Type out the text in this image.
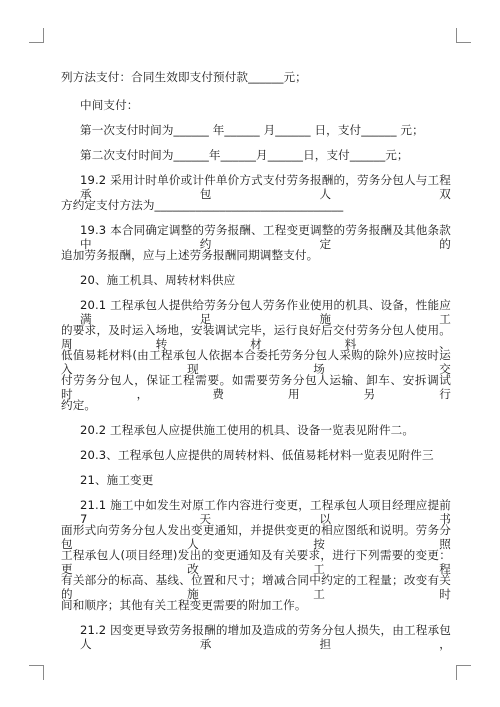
列方法支付：合同生效即支付预付款______元；
中间支付：
第一次支付时间为______ 年______ 月______ 日，支付______ 元；
第二次支付时间为______年______月______日，支付______元；
19.2 采用计时单价或计件单价方式支付劳务报酬的，劳务分包人与工程承包人双
方约定支付方法为________________________________
19.3 本合同确定调整的劳务报酬、工程变更调整的劳务报酬及其他条款中约定的
追加劳务报酬，应与上述劳务报酬同期调整支付。
20、施工机具、周转材料供应
20.1 工程承包人提供给劳务分包人劳务作业使用的机具、设备，性能应满足施工
的要求，及时运入场地，安装调试完毕，运行良好后交付劳务分包人使用。周转材料、
低值易耗材料(由工程承包人依据本合委托劳务分包人采购的除外)应按时运入现场交
付劳务分包人，保证工程需要。如需要劳务分包人运输、卸车、安拆调试时，费用另行
约定。
20.2 工程承包人应提供施工使用的机具、设备一览表见附件二。
20.3、工程承包人应提供的周转材料、低值易耗材料一览表见附件三
21、施工变更
21.1 施工中如发生对原工作内容进行变更，工程承包人项目经理应提前 7 天以书
面形式向劳务分包人发出变更通知，并提供变更的相应图纸和说明。劳务分包人按照
工程承包人(项目经理)发出的变更通知及有关要求，进行下列需要的变更：更改工程
有关部分的标高、基线、位置和尺寸；增减合同中约定的工程量；改变有关的施工时
间和顺序；其他有关工程变更需要的附加工作。
21.2 因变更导致劳务报酬的增加及造成的劳务分包人损失，由工程承包人承担，
